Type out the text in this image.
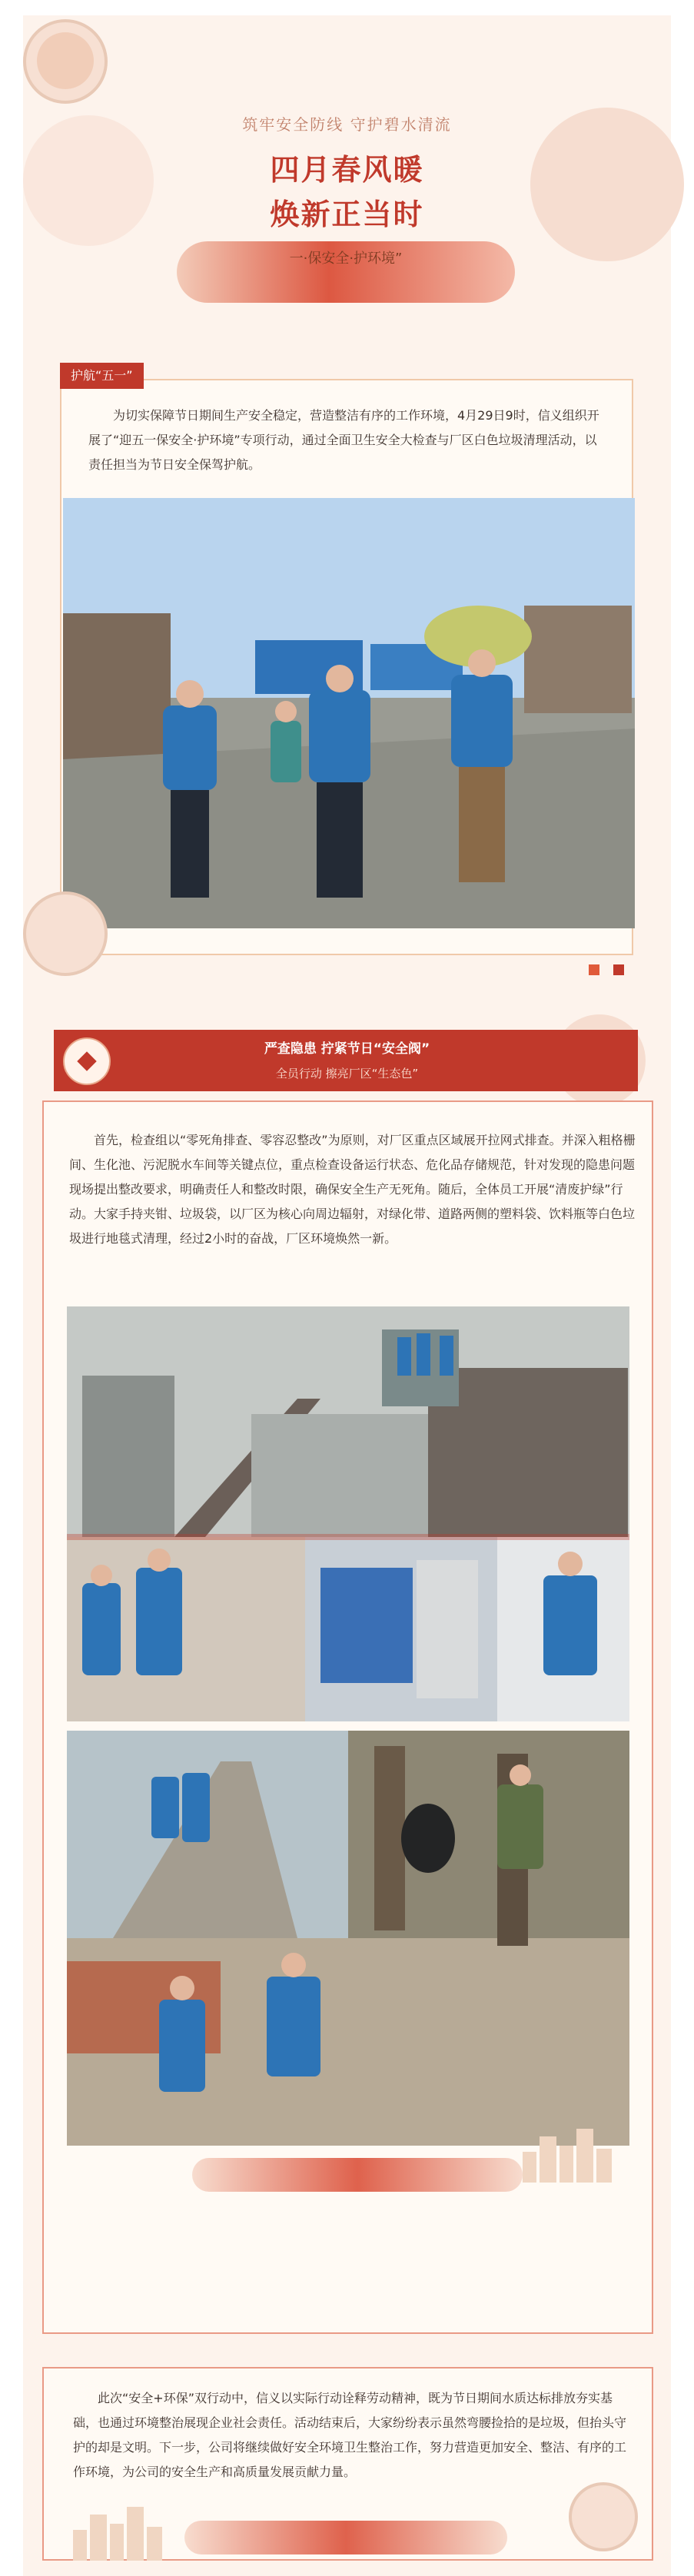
筑牢安全防线 守护碧水清流
四月春风暖
焕新正当时
一·保安全·护环境”
护航“五一”
为切实保障节日期间生产安全稳定，营造整洁有序的工作环境，4月29日9时，信义组织开展了“迎五一保安全·护环境”专项行动，通过全面卫生安全大检查与厂区白色垃圾清理活动，以责任担当为节日安全保驾护航。
严查隐患 拧紧节日“安全阀”
全员行动 擦亮厂区“生态色”
首先，检查组以“零死角排查、零容忍整改”为原则，对厂区重点区域展开拉网式排查。并深入粗格栅间、生化池、污泥脱水车间等关键点位，重点检查设备运行状态、危化品存储规范，针对发现的隐患问题现场提出整改要求，明确责任人和整改时限，确保安全生产无死角。随后，全体员工开展“清废护绿”行动。大家手持夹钳、垃圾袋，以厂区为核心向周边辐射，对绿化带、道路两侧的塑料袋、饮料瓶等白色垃圾进行地毯式清理，经过2小时的奋战，厂区环境焕然一新。
此次“安全+环保”双行动中，信义以实际行动诠释劳动精神，既为节日期间水质达标排放夯实基础，也通过环境整治展现企业社会责任。活动结束后，大家纷纷表示虽然弯腰捡拾的是垃圾，但抬头守护的却是文明。下一步，公司将继续做好安全环境卫生整治工作，努力营造更加安全、整洁、有序的工作环境，为公司的安全生产和高质量发展贡献力量。
